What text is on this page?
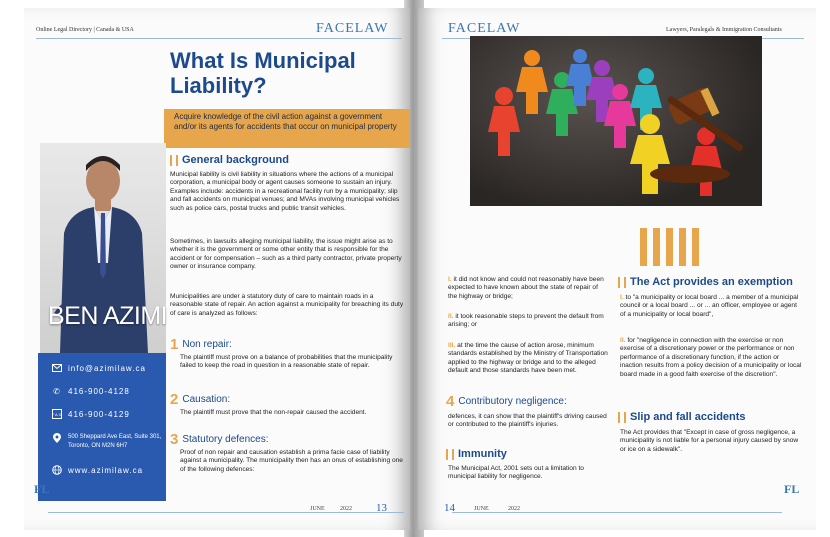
Online Legal Directory | Canada & USA	FACELAW
What Is Municipal Liability?
Acquire knowledge of the civil action against a government and/or its agents for accidents that occur on municipal property
BEN AZIMI
info@azimilaw.ca
✆ 416-900-4128
FAX 416-900-4129
500 Sheppard Ave East, Suite 301,
Toronto, ON M2N 6H7
www.azimilaw.ca
General background
Municipal liability is civil liability in situations where the actions of a municipal corporation, a municipal body or agent causes someone to sustain an injury. Examples include: accidents in a recreational facility run by a municipality; slip and fall accidents on municipal venues; and MVAs involving municipal vehicles such as police cars, postal trucks and public transit vehicles.
Sometimes, in lawsuits alleging municipal liability, the issue might arise as to whether it is the government or some other entity that is responsible for the accident or for compensation – such as a third party contractor, private property owner or insurance company.
Municipalities are under a statutory duty of care to maintain roads in a reasonable state of repair. An action against a municipality for breaching its duty of care is analyzed as follows:
1 Non repair:
The plaintiff must prove on a balance of probabilities that the municipality failed to keep the road in question in a reasonable state of repair.
2 Causation:
The plaintiff must prove that the non-repair caused the accident.
3 Statutory defences:
Proof of non repair and causation establish a prima facie case of liability against a municipality. The municipality then has an onus of establishing one of the following defences:
FL
JUNE	2022 13
FACELAW	Lawyers, Paralegals & Immigration Consultants
I. it did not know and could not reasonably have been expected to have known about the state of repair of the highway or bridge;
II. it took reasonable steps to prevent the default from arising; or
III. at the time the cause of action arose, minimum standards established by the Ministry of Transportation applied to the highway or bridge and to the alleged default and those standards have been met.
4 Contributory negligence:
defences, it can show that the plaintiff's driving caused or contributed to the plaintiff's injuries.
Immunity
The Municipal Act, 2001 sets out a limitation to municipal liability for negligence.
The Act provides an exemption
I. to "a municipality or local board ... a member of a municipal council or a local board ... or ... an officer, employee or agent of a municipality or local board",
II. for "negligence in connection with the exercise or non exercise of a discretionary power or the performance or non performance of a discretionary function, if the action or inaction results from a policy decision of a municipality or local board made in a good faith exercise of the discretion".
Slip and fall accidents
The Act provides that "Except in case of gross negligence, a municipality is not liable for a personal injury caused by snow or ice on a sidewalk".
14	JUNE	2022
FL
